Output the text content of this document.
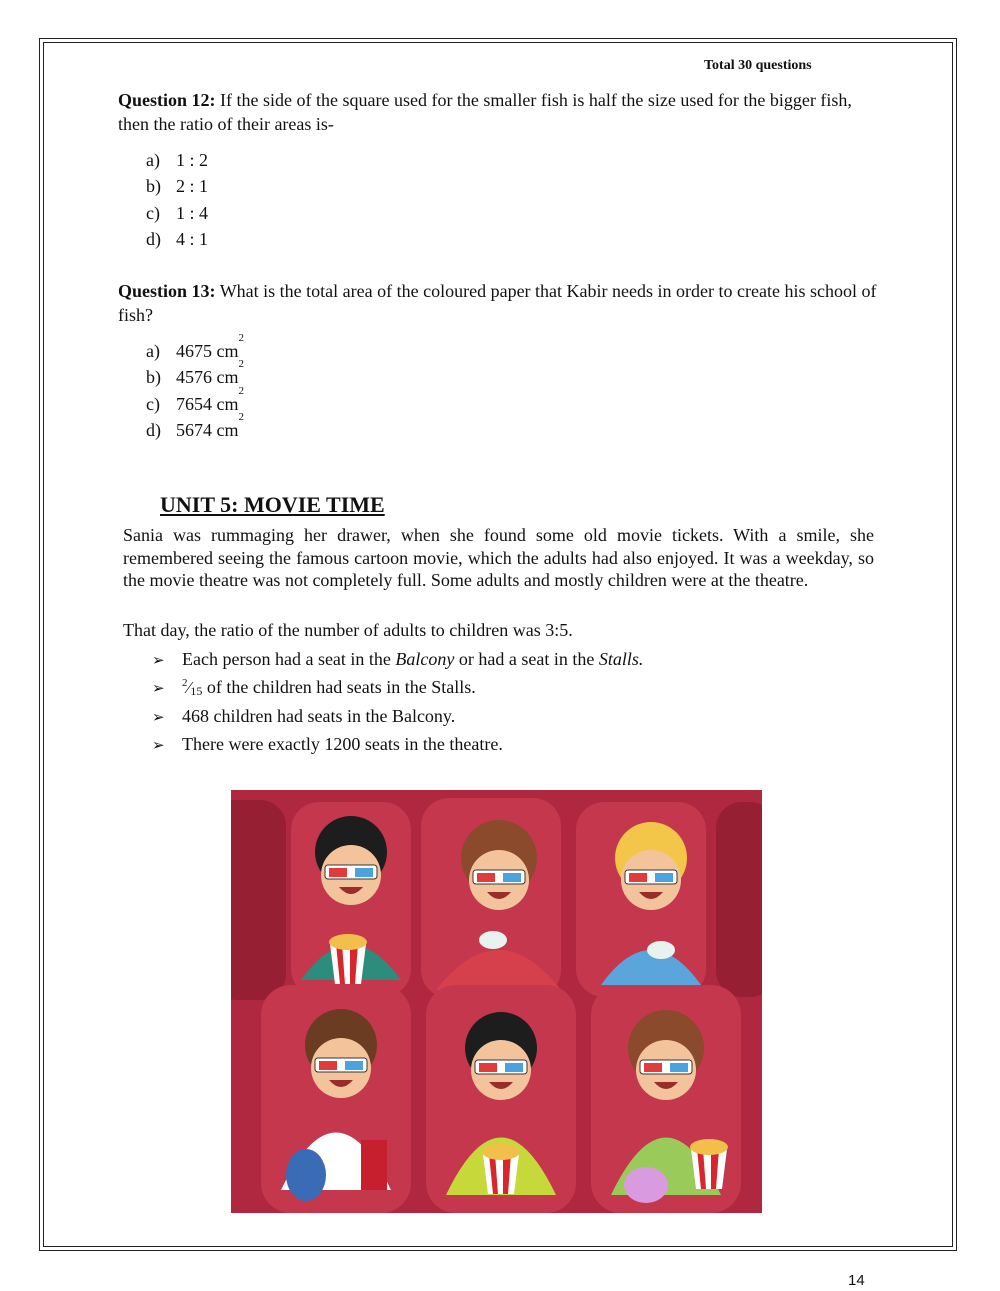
Total 30 questions
Question 12: If the side of the square used for the smaller fish is half the size used for the bigger fish, then the ratio of their areas is-
a) 1 : 2
b) 2 : 1
c) 1 : 4
d) 4 : 1
Question 13: What is the total area of the coloured paper that Kabir needs in order to create his school of fish?
a) 4675
cm
2
b) 4576
cm
2
c) 7654
cm
2
d) 5674
cm
2
UNIT 5: MOVIE TIME
Sania was rummaging her drawer, when she found some old movie tickets. With a smile, she remembered seeing the famous cartoon movie, which the adults had also enjoyed. It was a weekday, so the movie theatre was not completely full. Some adults and mostly children were at the theatre.
That day, the ratio of the number of adults to children was 3:5.
➢ Each person had a seat in the Balcony or had a seat in the Stalls.
➢	$^2$⁄15 of the children had seats in the Stalls.
➢ 468 children had seats in the Balcony.
➢ There were exactly 1200 seats in the theatre.
14
